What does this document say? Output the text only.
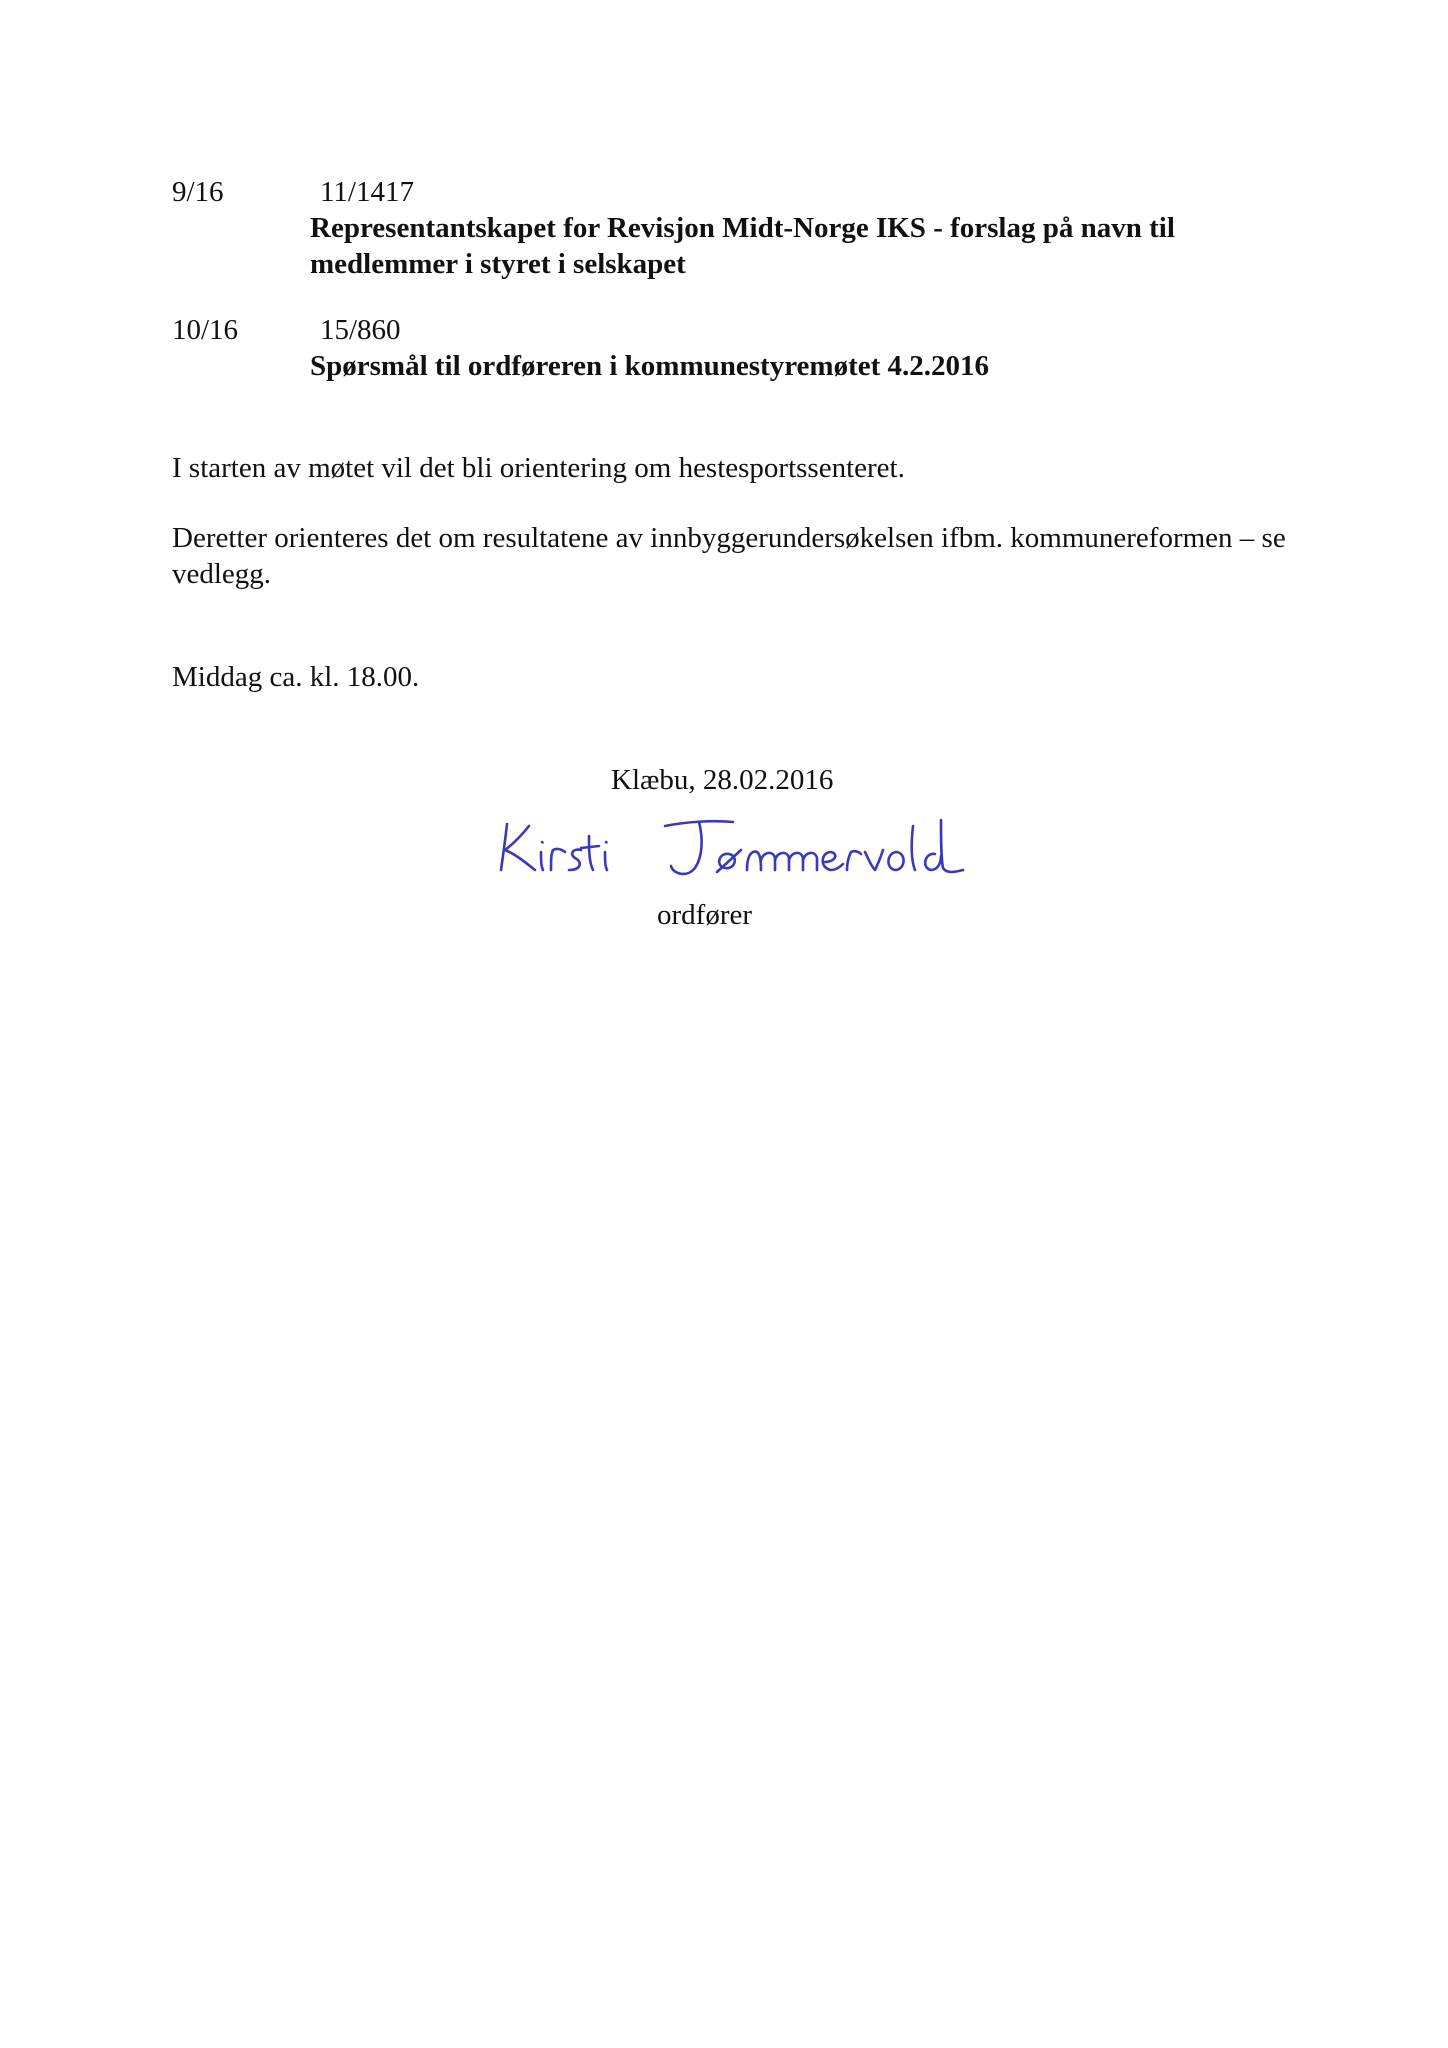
9/16	11/1417
Representantskapet for Revisjon Midt-Norge IKS - forslag på navn til medlemmer i styret i selskapet
10/16	15/860
Spørsmål til ordføreren i kommunestyremøtet 4.2.2016
I starten av møtet vil det bli orientering om hestesportssenteret.
Deretter orienteres det om resultatene av innbyggerundersøkelsen ifbm. kommunereformen – se vedlegg.
Middag ca. kl. 18.00.
Klæbu, 28.02.2016
ordfører
